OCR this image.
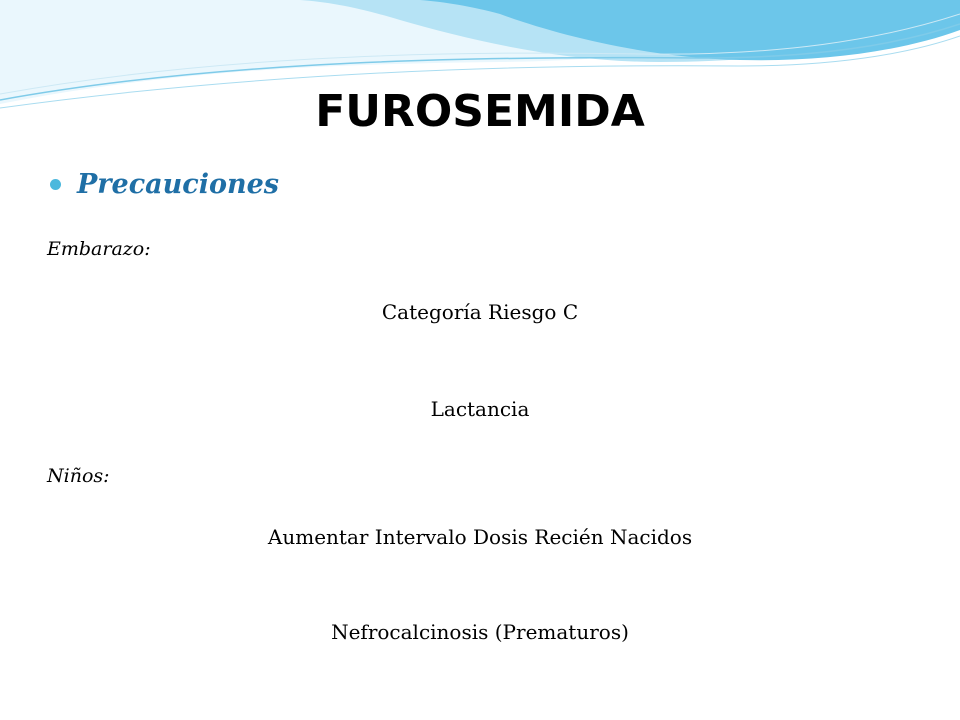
FUROSEMIDA
Precauciones
Embarazo:
Categoría Riesgo C
Lactancia
Niños:
Aumentar Intervalo Dosis Recién Nacidos
Nefrocalcinosis (Prematuros)
